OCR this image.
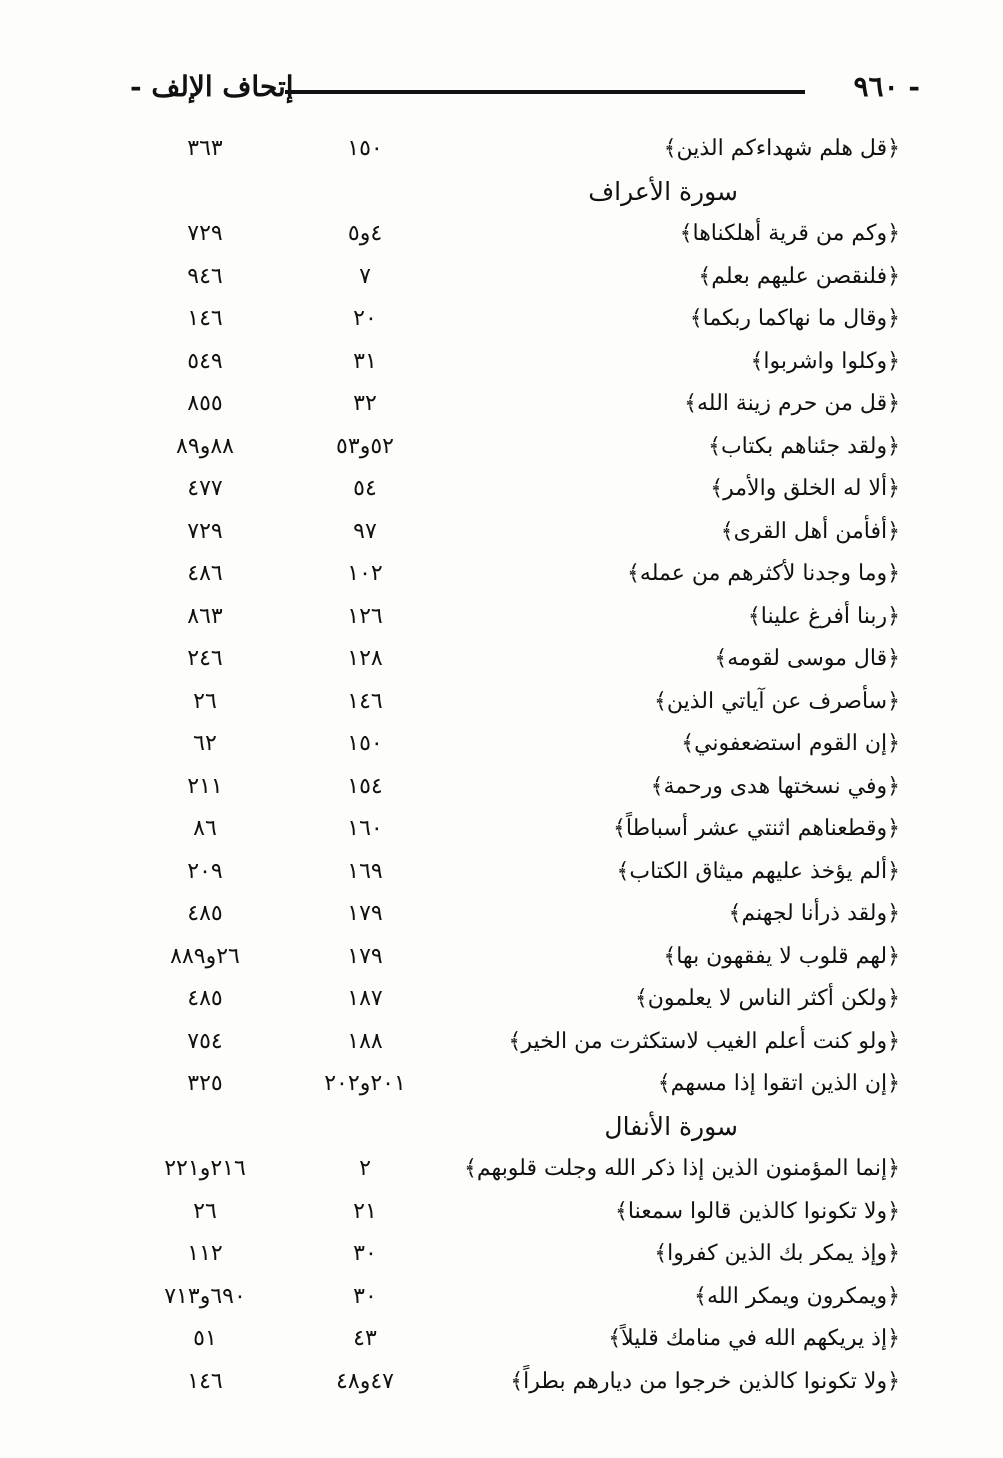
- ٩٦٠
إتحاف الإلف -
﴿قل هلم شهداءكم الذين﴾
١٥٠
٣٦٣
سورة الأعراف
﴿وكم من قرية أهلكناها﴾
٤و٥
٧٢٩
﴿فلنقصن عليهم بعلم﴾
٧
٩٤٦
﴿وقال ما نهاكما ربكما﴾
٢٠
١٤٦
﴿وكلوا واشربوا﴾
٣١
٥٤٩
﴿قل من حرم زينة الله﴾
٣٢
٨٥٥
﴿ولقد جئناهم بكتاب﴾
٥٢و٥٣
٨٨و٨٩
﴿ألا له الخلق والأمر﴾
٥٤
٤٧٧
﴿أفأمن أهل القرى﴾
٩٧
٧٢٩
﴿وما وجدنا لأكثرهم من عمله﴾
١٠٢
٤٨٦
﴿ربنا أفرغ علينا﴾
١٢٦
٨٦٣
﴿قال موسى لقومه﴾
١٢٨
٢٤٦
﴿سأصرف عن آياتي الذين﴾
١٤٦
٢٦
﴿إن القوم استضعفوني﴾
١٥٠
٦٢
﴿وفي نسختها هدى ورحمة﴾
١٥٤
٢١١
﴿وقطعناهم اثنتي عشر أسباطاً﴾
١٦٠
٨٦
﴿ألم يؤخذ عليهم ميثاق الكتاب﴾
١٦٩
٢٠٩
﴿ولقد ذرأنا لجهنم﴾
١٧٩
٤٨٥
﴿لهم قلوب لا يفقهون بها﴾
١٧٩
٢٦و٨٨٩
﴿ولكن أكثر الناس لا يعلمون﴾
١٨٧
٤٨٥
﴿ولو كنت أعلم الغيب لاستكثرت من الخير﴾
١٨٨
٧٥٤
﴿إن الذين اتقوا إذا مسهم﴾
٢٠١و٢٠٢
٣٢٥
سورة الأنفال
﴿إنما المؤمنون الذين إذا ذكر الله وجلت قلوبهم﴾
٢
٢١٦و٢٢١
﴿ولا تكونوا كالذين قالوا سمعنا﴾
٢١
٢٦
﴿وإذ يمكر بك الذين كفروا﴾
٣٠
١١٢
﴿ويمكرون ويمكر الله﴾
٣٠
٦٩٠و٧١٣
﴿إذ يريكهم الله في منامك قليلاً﴾
٤٣
٥١
﴿ولا تكونوا كالذين خرجوا من ديارهم بطراً﴾
٤٧و٤٨
١٤٦
